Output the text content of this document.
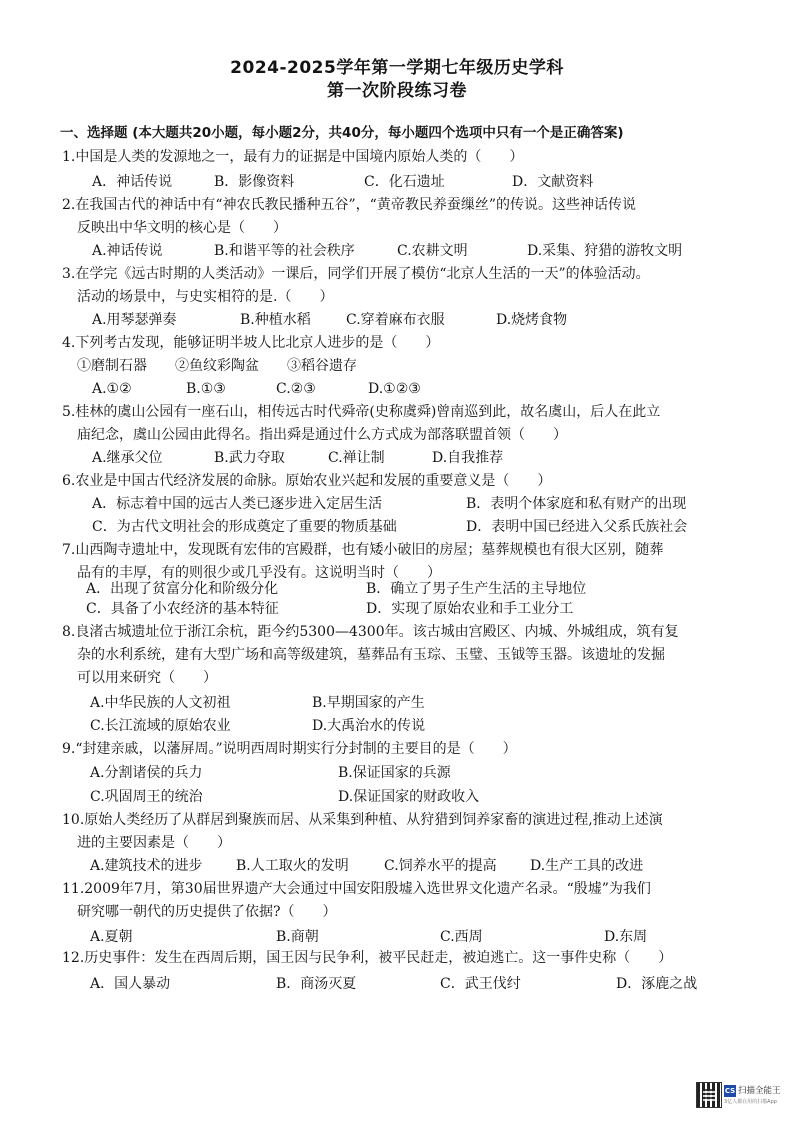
2024-2025学年第一学期七年级历史学科
第一次阶段练习卷
一、选择题 (本大题共20小题，每小题2分，共40分，每小题四个选项中只有一个是正确答案)
1.中国是人类的发源地之一，最有力的证据是中国境内原始人类的（　　）
A．神话传说	B．影像资料	C．化石遗址	D．文献资料
2.在我国古代的神话中有“神农氏教民播种五谷”，“黄帝教民养蚕缫丝”的传说。这些神话传说
反映出中华文明的核心是（　　）
A.神话传说	B.和谐平等的社会秩序	C.农耕文明	D.采集、狩猎的游牧文明
3.在学完《远古时期的人类活动》一课后，同学们开展了模仿“北京人生活的一天”的体验活动。
活动的场景中，与史实相符的是.（　　）
A.用琴瑟弹奏	B.种植水稻	C.穿着麻布衣服	D.烧烤食物
4.下列考古发现，能够证明半坡人比北京人进步的是（　　）
①磨制石器　　②鱼纹彩陶盆　　③稻谷遗存
A.①②	B.①③	C.②③	D.①②③
5.桂林的虞山公园有一座石山，相传远古时代舜帝(史称虞舜)曾南巡到此，故名虞山，后人在此立
庙纪念，虞山公园由此得名。指出舜是通过什么方式成为部落联盟首领（　　）
A.继承父位	B.武力夺取	C.禅让制	D.自我推荐
6.农业是中国古代经济发展的命脉。原始农业兴起和发展的重要意义是（　　）
A．标志着中国的远古人类已逐步进入定居生活	B．表明个体家庭和私有财产的出现
C．为古代文明社会的形成奠定了重要的物质基础	D．表明中国已经进入父系氏族社会
7.山西陶寺遗址中，发现既有宏伟的宫殿群，也有矮小破旧的房屋；墓葬规模也有很大区别，随葬
品有的丰厚，有的则很少或几乎没有。这说明当时（　　）
A．出现了贫富分化和阶级分化	B．确立了男子生产生活的主导地位
C．具备了小农经济的基本特征	D．实现了原始农业和手工业分工
8.良渚古城遗址位于浙江余杭，距今约5300—4300年。该古城由宫殿区、内城、外城组成，筑有复
杂的水利系统，建有大型广场和高等级建筑，墓葬品有玉琮、玉璧、玉钺等玉器。该遗址的发掘
可以用来研究（　　）
A.中华民族的人文初祖	B.早期国家的产生
C.长江流域的原始农业	D.大禹治水的传说
9.“封建亲戚，以藩屏周。”说明西周时期实行分封制的主要目的是（　　）
A.分割诸侯的兵力	B.保证国家的兵源
C.巩固周王的统治	D.保证国家的财政收入
10.原始人类经历了从群居到聚族而居、从采集到种植、从狩猎到饲养家畜的演进过程,推动上述演
进的主要因素是（　　）
A.建筑技术的进步 B.人工取火的发明	C.饲养水平的提高 D.生产工具的改进
11.2009年7月，第30届世界遗产大会通过中国安阳殷墟入选世界文化遗产名录。“殷墟”为我们
研究哪一朝代的历史提供了依据?（　　）
A.夏朝	B.商朝	C.西周	D.东周
12.历史事件：发生在西周后期，国王因与民争利，被平民赶走，被迫逃亡。这一事件史称（　　）
A．国人暴动	B．商汤灭夏	C．武王伐纣	D．涿鹿之战
CS 扫描全能王
3亿人都在用的扫描App
